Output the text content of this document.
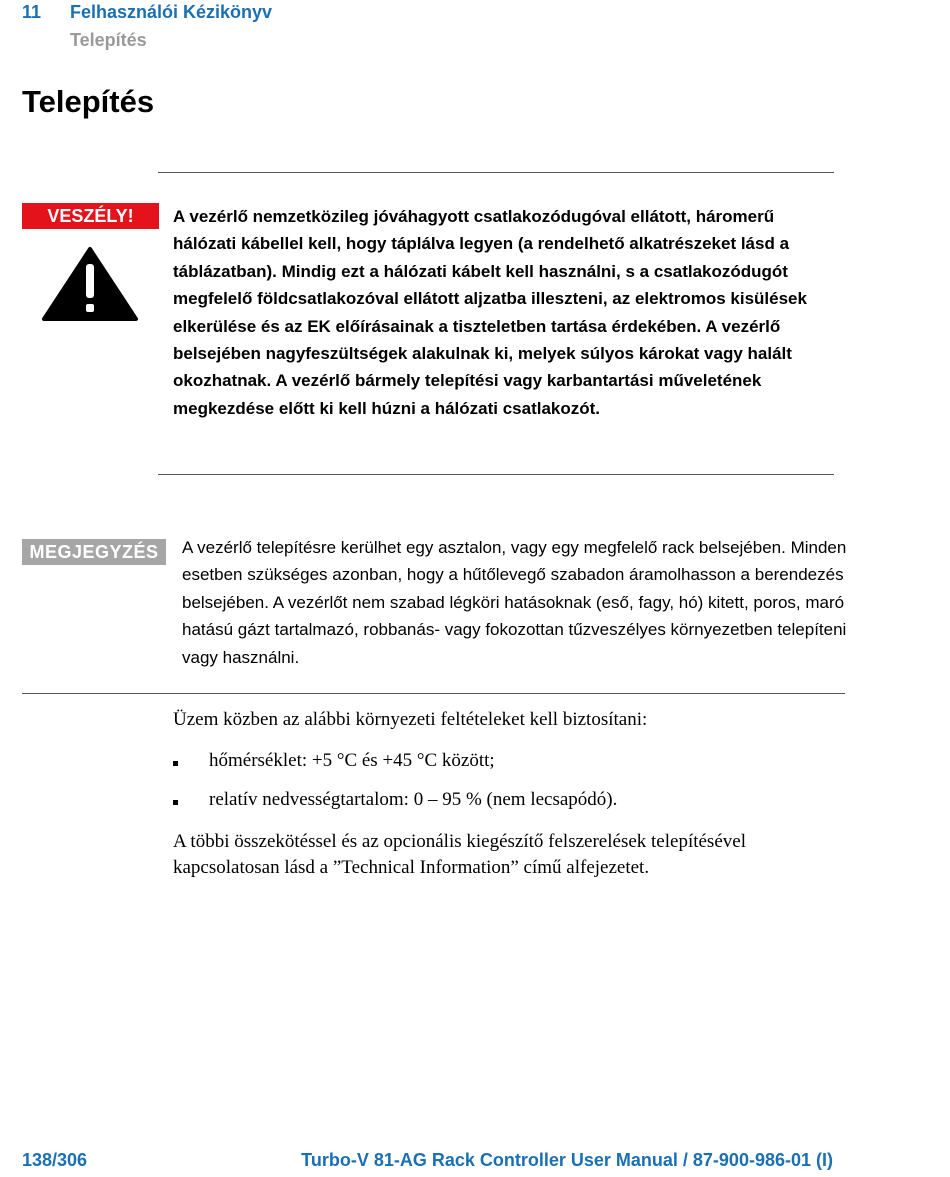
11 Felhasználói Kézikönyv
Telepítés
Telepítés
VESZÉLY!	A vezérlő nemzetközileg jóváhagyott csatlakozódugóval ellátott, háromerű hálózati kábellel kell, hogy táplálva legyen (a rendelhető alkatrészeket lásd a táblázatban). Mindig ezt a hálózati kábelt kell használni, s a csatlakozódugót megfelelő földcsatlakozóval ellátott aljzatba illeszteni, az elektromos kisülések elkerülése és az EK előírásainak a tiszteletben tartása érdekében. A vezérlő belsejében nagyfeszültségek alakulnak ki, melyek súlyos károkat vagy halált okozhatnak. A vezérlő bármely telepítési vagy karbantartási műveletének megkezdése előtt ki kell húzni a hálózati csatlakozót.
MEGJEGYZÉS	A vezérlő telepítésre kerülhet egy asztalon, vagy egy megfelelő rack belsejében. Minden esetben szükséges azonban, hogy a hűtőlevegő szabadon áramolhasson a berendezés belsejében. A vezérlőt nem szabad légköri hatásoknak (eső, fagy, hó) kitett, poros, maró hatású gázt tartalmazó, robbanás- vagy fokozottan tűzveszélyes környezetben telepíteni vagy használni.
Üzem közben az alábbi környezeti feltételeket kell biztosítani:
hőmérséklet: +5 °C és +45 °C között;
relatív nedvességtartalom: 0 – 95 % (nem lecsapódó).
A többi összekötéssel és az opcionális kiegészítő felszerelések telepítésével kapcsolatosan lásd a ”Technical Information” című alfejezetet.
138/306	Turbo-V 81-AG Rack Controller User Manual / 87-900-986-01 (I)
